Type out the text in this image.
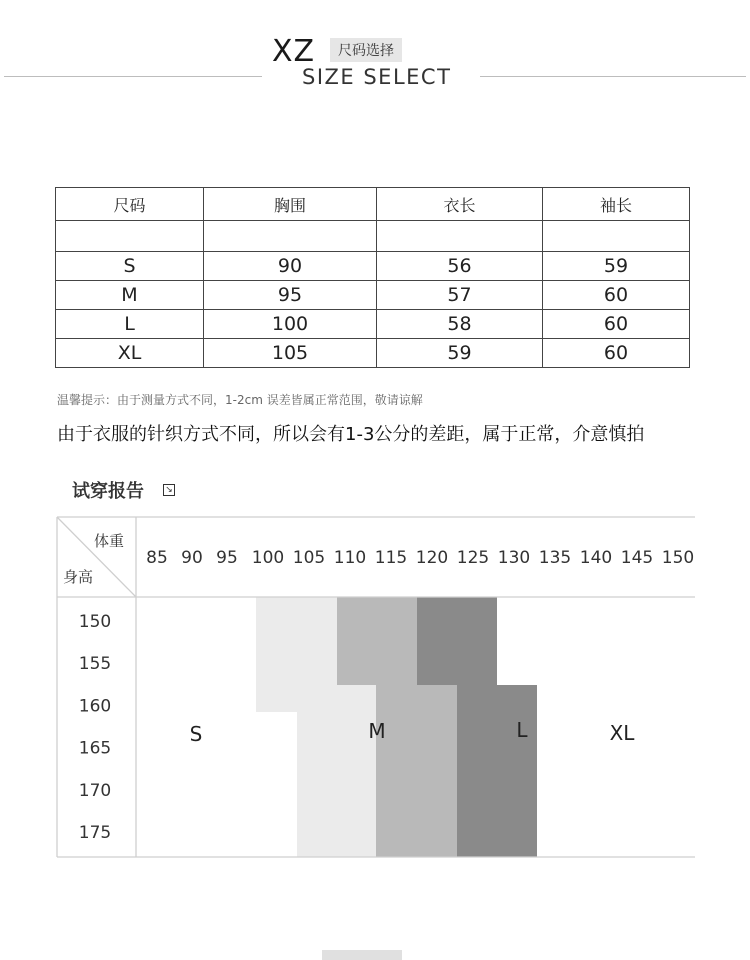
XZ	尺码选择
SIZE SELECT
尺码	胸围	衣长	袖长

S	90	56	59
M	95	57	60
L	100	58	60
XL	105	59	60
温馨提示：由于测量方式不同，1-2cm 误差皆属正常范围，敬请谅解
由于衣服的针织方式不同，所以会有1-3公分的差距，属于正常，介意慎拍
试穿报告 ↘
体重
身高
85 90 95 100 105 110 115 120 125 130 135 140 145 150
150
155
160
165
170
175
S	M	L	XL
